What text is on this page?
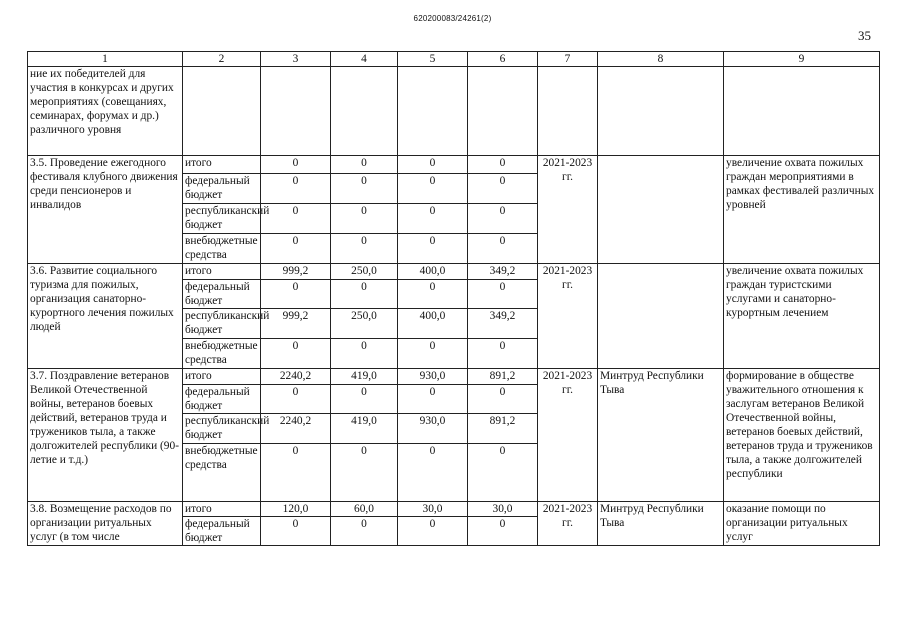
620200083/24261(2)
35
1	2	3	4	5	6	7	8	9
ние их победителей для участия в конкурсах и других мероприятиях (совещаниях, семинарах, форумах и др.) различного уровня								
3.5. Проведение ежегодного фестиваля клубного движения среди пенсионеров и инвалидов	итого	0	0	0	0	2021-2023 гг.		увеличение охвата пожилых граждан мероприятиями в рамках фестивалей различных уровней
	федеральный бюджет	0	0	0	0			
	республиканский бюджет	0	0	0	0			
	внебюджетные средства	0	0	0	0			
3.6. Развитие социального туризма для пожилых, организация санаторно-курортного лечения пожилых людей	итого	999,2	250,0	400,0	349,2	2021-2023 гг.		увеличение охвата пожилых граждан туристскими услугами и санаторно-курортным лечением
	федеральный бюджет	0	0	0	0			
	республиканский бюджет	999,2	250,0	400,0	349,2			
	внебюджетные средства	0	0	0	0			
3.7. Поздравление ветеранов Великой Отечественной войны, ветеранов боевых действий, ветеранов труда и тружеников тыла, а также долгожителей республики (90-летие и т.д.)	итого	2240,2	419,0	930,0	891,2	2021-2023 гг.	Минтруд Республики Тыва	формирование в обществе уважительного отношения к заслугам ветеранов Великой Отечественной войны, ветеранов боевых действий, ветеранов труда и тружеников тыла, а также долгожителей республики
	федеральный бюджет	0	0	0	0			
	республиканский бюджет	2240,2	419,0	930,0	891,2			
	внебюджетные средства	0	0	0	0			
3.8. Возмещение расходов по организации ритуальных услуг (в том числе	итого	120,0	60,0	30,0	30,0	2021-2023 гг.	Минтруд Республики Тыва	оказание помощи по организации ритуальных услуг
	федеральный бюджет	0	0	0	0			
